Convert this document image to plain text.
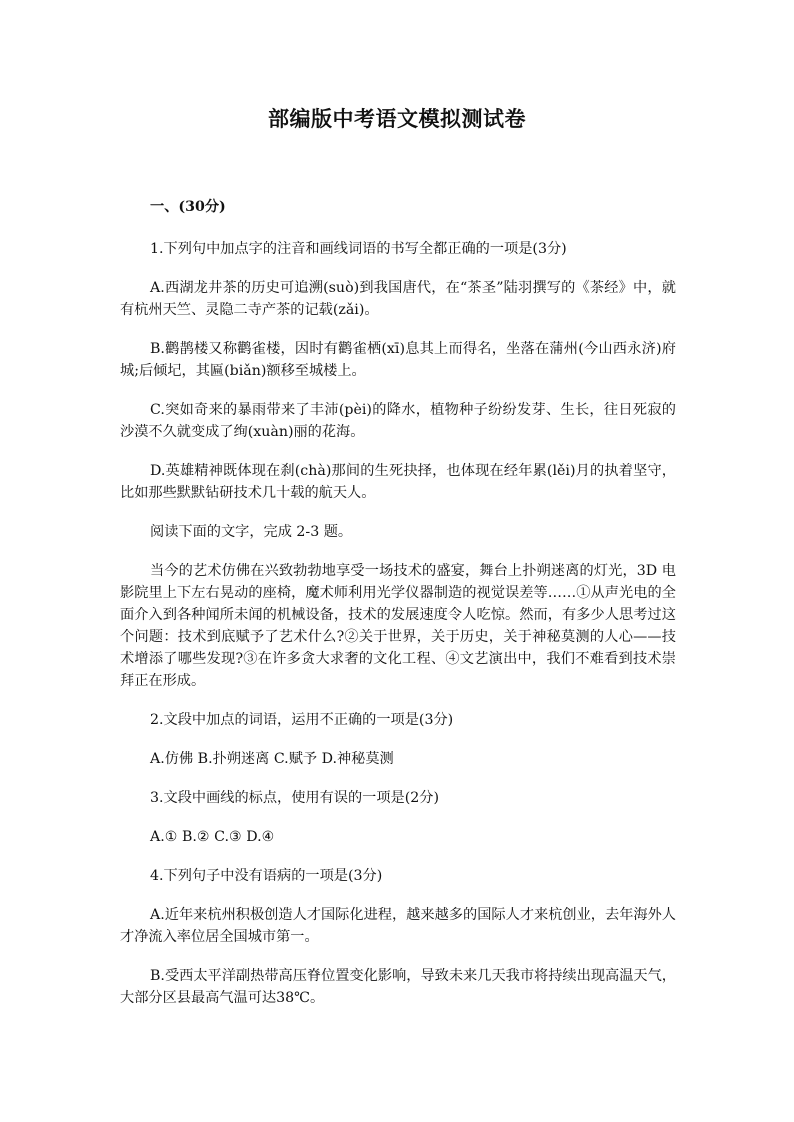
部编版中考语文模拟测试卷

一、(30分)

1.下列句中加点字的注音和画线词语的书写全都正确的一项是(3分)

A.西湖龙井茶的历史可追溯(suò)到我国唐代，在“茶圣”陆羽撰写的《茶经》中，就有杭州天竺、灵隐二寺产茶的记载(zǎi)。

B.鹳鹊楼又称鹳雀楼，因时有鹳雀栖(xī)息其上而得名，坐落在蒲州(今山西永济)府城;后倾圮，其匾(biǎn)额移至城楼上。

C.突如奇来的暴雨带来了丰沛(pèi)的降水，植物种子纷纷发芽、生长，往日死寂的沙漠不久就变成了绚(xuàn)丽的花海。

D.英雄精神既体现在刹(chà)那间的生死抉择，也体现在经年累(lěi)月的执着坚守，比如那些默默钻研技术几十载的航天人。

阅读下面的文字，完成 2-3 题。

当今的艺术仿佛在兴致勃勃地享受一场技术的盛宴，舞台上扑朔迷离的灯光，3D 电影院里上下左右晃动的座椅，魔术师利用光学仪器制造的视觉误差等……①从声光电的全面介入到各种闻所未闻的机械设备，技术的发展速度令人吃惊。然而，有多少人思考过这个问题：技术到底赋予了艺术什么?②关于世界，关于历史，关于神秘莫测的人心——技术增添了哪些发现?③在许多贪大求奢的文化工程、④文艺演出中，我们不难看到技术崇拜正在形成。

2.文段中加点的词语，运用不正确的一项是(3分)

A.仿佛 B.扑朔迷离 C.赋予 D.神秘莫测

3.文段中画线的标点，使用有误的一项是(2分)

A.① B.② C.③ D.④

4.下列句子中没有语病的一项是(3分)

A.近年来杭州积极创造人才国际化进程，越来越多的国际人才来杭创业，去年海外人才净流入率位居全国城市第一。

B.受西太平洋副热带高压脊位置变化影响，导致未来几天我市将持续出现高温天气，大部分区县最高气温可达38℃。
